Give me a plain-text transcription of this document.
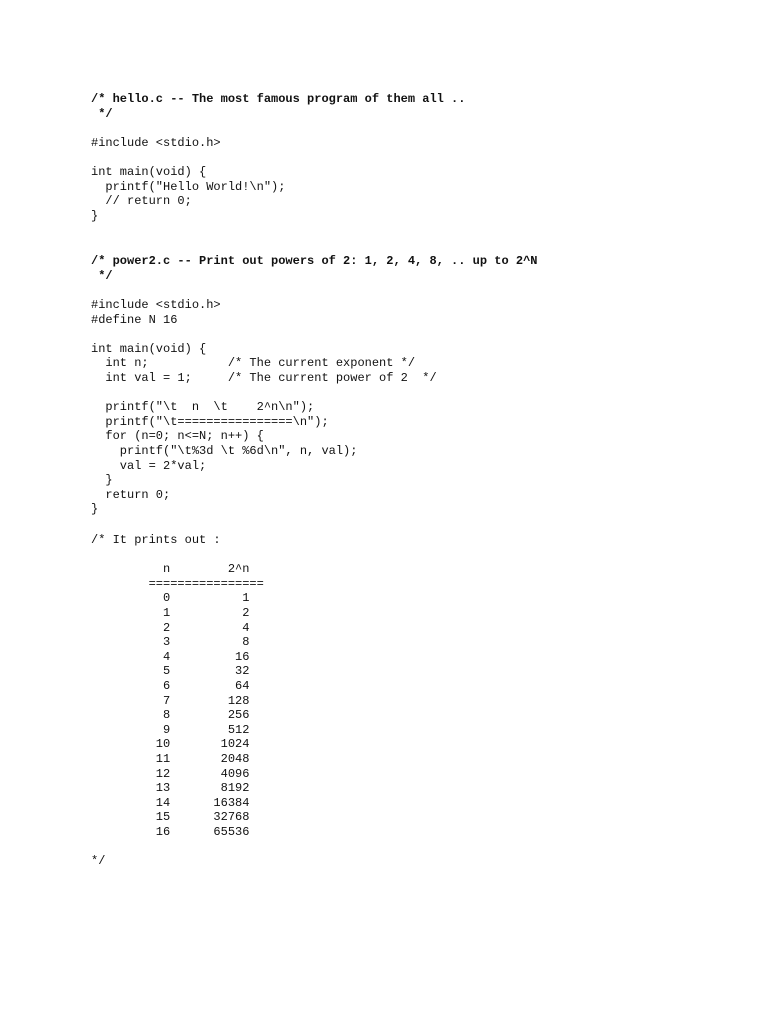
/* hello.c -- The most famous program of them all ..
*/
#include <stdio.h>

int main(void) {
printf("Hello World!\n");
// return 0;
}
/* power2.c -- Print out powers of 2: 1, 2, 4, 8, .. up to 2^N
*/
#include <stdio.h>
#define N 16

int main(void) {
int n;           /* The current exponent */
int val = 1;     /* The current power of 2  */

printf("\t  n  \t    2^n\n");
printf("\t================\n");
for (n=0; n<=N; n++) {
printf("\t%3d \t %6d\n", n, val);
val = 2*val;
}
return 0;
}
/* It prints out :

n        2^n
================
0          1
1          2
2          4
3          8
4         16
5         32
6         64
7        128
8        256
9        512
10       1024
11       2048
12       4096
13       8192
14      16384
15      32768
16      65536

*/
